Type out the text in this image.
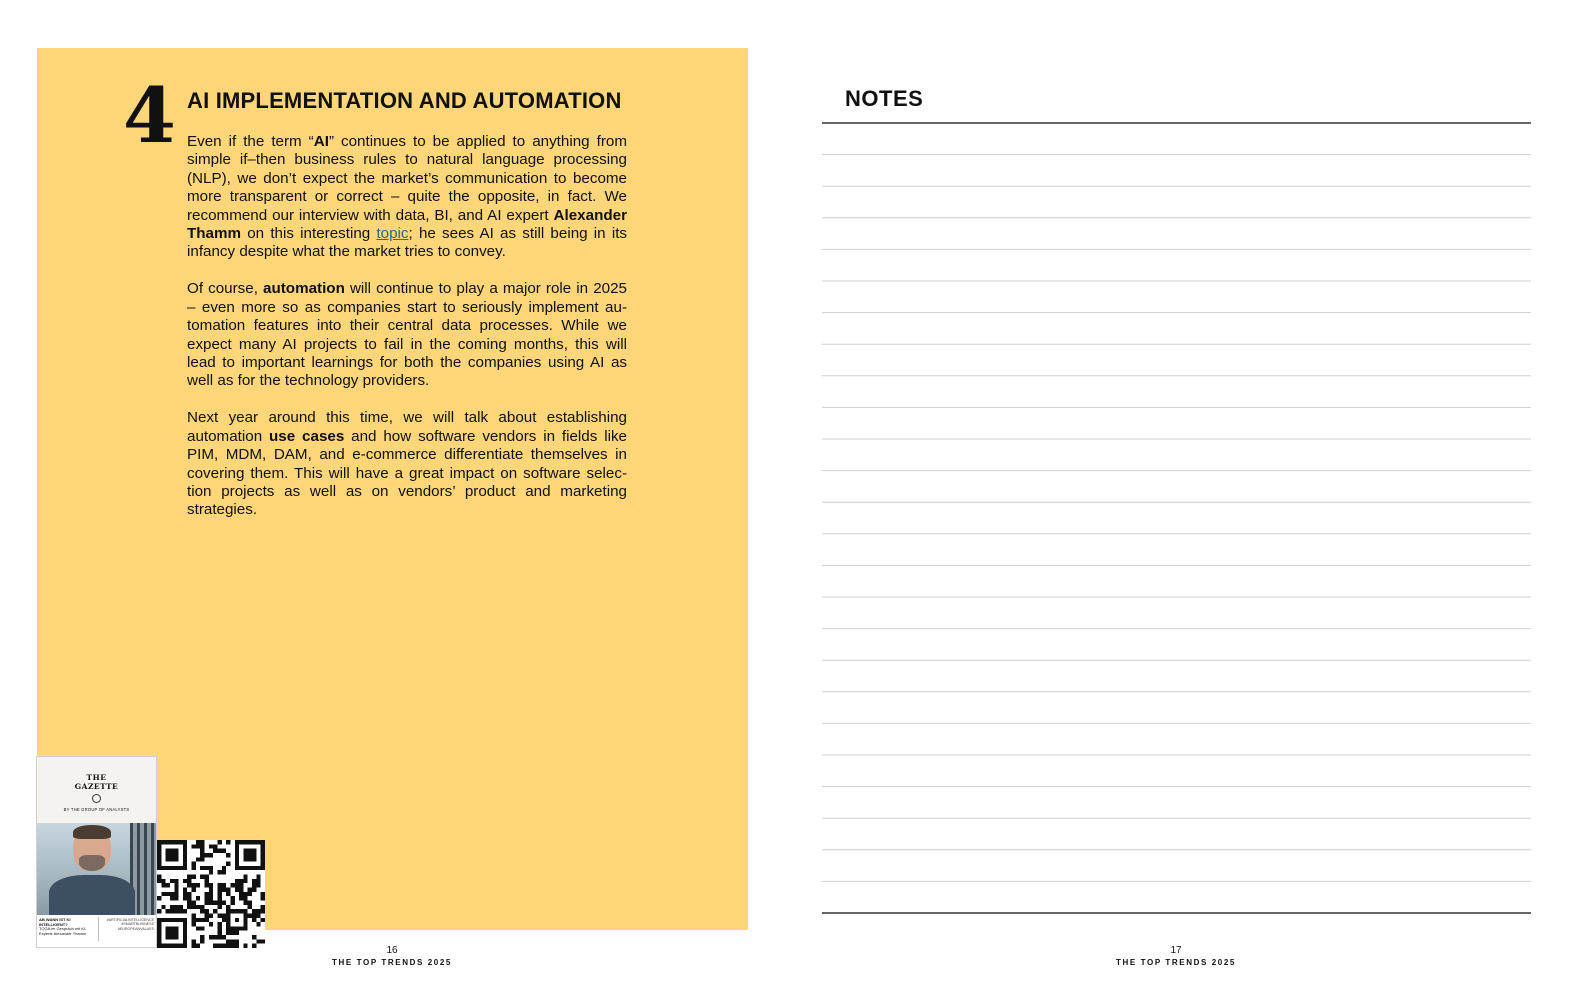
4 AI IMPLEMENTATION AND AUTOMATION

Even if the term “AI” continues to be applied to anything from simple if–then business rules to natural language processing (NLP), we don’t expect the market’s communication to become more transparent or correct – quite the opposite, in fact. We recommend our interview with data, BI, and AI expert Alexander Thamm on this interesting topic; he sees AI as still being in its infancy despite what the market tries to convey.

Of course, automation will continue to play a major role in 2025 – even more so as companies start to seriously implement automation features into their central data processes. While we expect many AI projects to fail in the coming months, this will lead to important learnings for both the companies using AI as well as for the technology providers.

Next year around this time, we will talk about establishing automation use cases and how software vendors in fields like PIM, MDM, DAM, and e-commerce differentiate themselves in covering them. This will have a great impact on software selection projects as well as on vendors’ product and marketing strategies.

THE
GAZETTE
BY THE GROUP OF ANALYSTS
AB WANN IST KI INTELLIGENT?
TOGA im Gespräch mit KI-Experte Alexander Thamm
#ARTIFICIALINTELLIGENCE
#SMARTBUSINESS
#EUROPEANVALUES
16
THE TOP TRENDS 2025
NOTES
17
THE TOP TRENDS 2025
